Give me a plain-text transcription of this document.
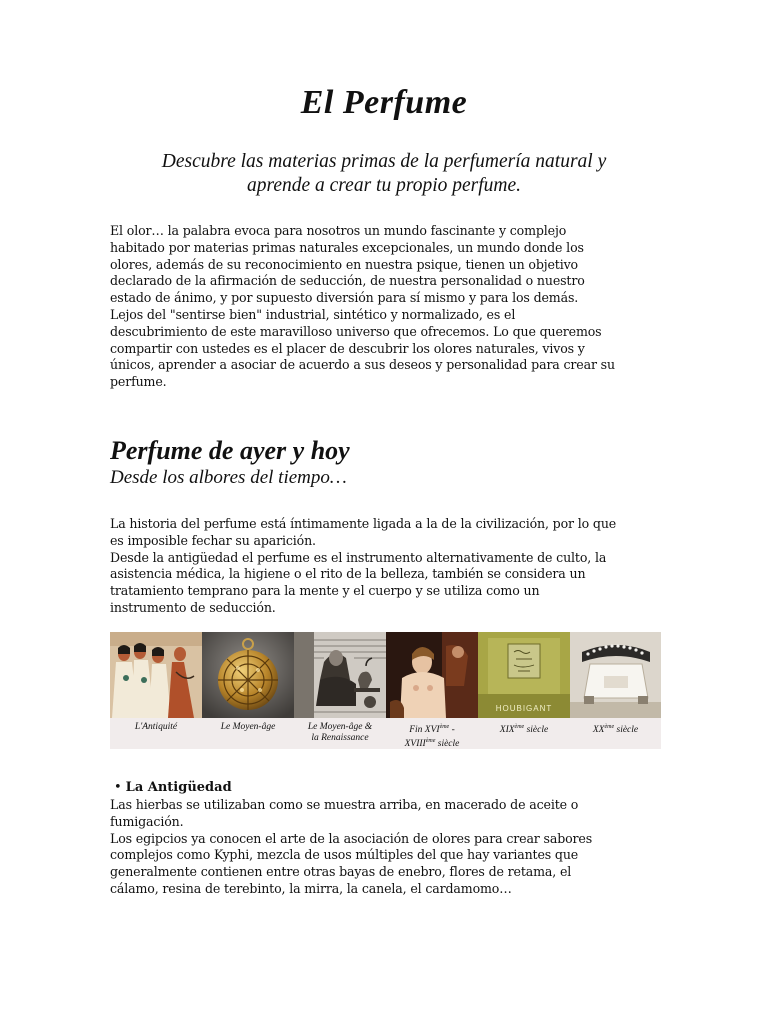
El Perfume
Descubre las materias primas de la perfumería natural y
aprende a crear tu propio perfume.
El olor… la palabra evoca para nosotros un mundo fascinante y complejo
habitado por materias primas naturales excepcionales, un mundo donde los
olores, además de su reconocimiento en nuestra psique, tienen un objetivo
declarado de la afirmación de seducción, de nuestra personalidad o nuestro
estado de ánimo, y por supuesto diversión para sí mismo y para los demás.
Lejos del "sentirse bien" industrial, sintético y normalizado, es el
descubrimiento de este maravilloso universo que ofrecemos. Lo que queremos
compartir con ustedes es el placer de descubrir los olores naturales, vivos y
únicos, aprender a asociar de acuerdo a sus deseos y personalidad para crear su
perfume.
Perfume de ayer y hoy
Desde los albores del tiempo…
La historia del perfume está íntimamente ligada a la de la civilización, por lo que
es imposible fechar su aparición.
Desde la antigüedad el perfume es el instrumento alternativamente de culto, la
asistencia médica, la higiene o el rito de la belleza, también se considera un
tratamiento temprano para la mente y el cuerpo y se utiliza como un
instrumento de seducción.
HOUBIGANT
L'Antiquité	Le Moyen-âge	Le Moyen-âge &
la Renaissance
Fin XVIème -
XVIIIème siècle
XIXème siècle	XXème siècle
• La Antigüedad
Las hierbas se utilizaban como se muestra arriba, en macerado de aceite o
fumigación.
Los egipcios ya conocen el arte de la asociación de olores para crear sabores
complejos como Kyphi, mezcla de usos múltiples del que hay variantes que
generalmente contienen entre otras bayas de enebro, flores de retama, el
cálamo, resina de terebinto, la mirra, la canela, el cardamomo…
